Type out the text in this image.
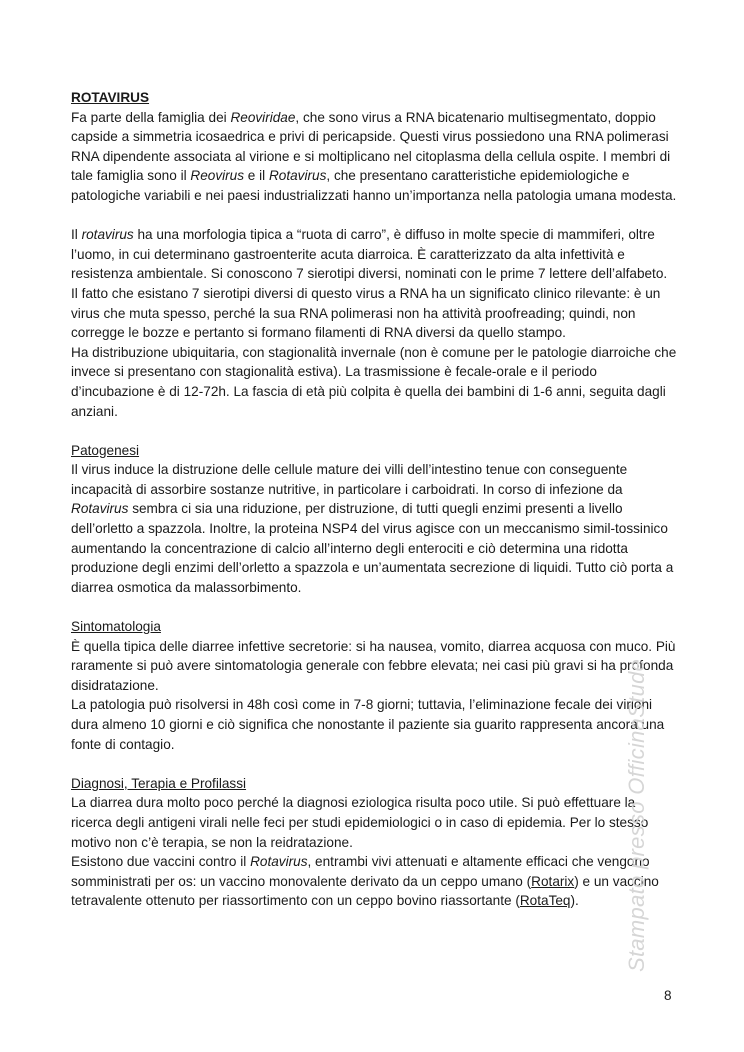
ROTAVIRUS

Fa parte della famiglia dei Reoviridae, che sono virus a RNA bicatenario multisegmentato, doppio capside a simmetria icosaedrica e privi di pericapside. Questi virus possiedono una RNA polimerasi RNA dipendente associata al virione e si moltiplicano nel citoplasma della cellula ospite. I membri di tale famiglia sono il Reovirus e il Rotavirus, che presentano caratteristiche epidemiologiche e patologiche variabili e nei paesi industrializzati hanno un’importanza nella patologia umana modesta.

Il rotavirus ha una morfologia tipica a “ruota di carro”, è diffuso in molte specie di mammiferi, oltre l’uomo, in cui determinano gastroenterite acuta diarroica. È caratterizzato da alta infettività e resistenza ambientale. Si conoscono 7 sierotipi diversi, nominati con le prime 7 lettere dell’alfabeto. Il fatto che esistano 7 sierotipi diversi di questo virus a RNA ha un significato clinico rilevante: è un virus che muta spesso, perché la sua RNA polimerasi non ha attività proofreading; quindi, non corregge le bozze e pertanto si formano filamenti di RNA diversi da quello stampo.

Ha distribuzione ubiquitaria, con stagionalità invernale (non è comune per le patologie diarroiche che invece si presentano con stagionalità estiva). La trasmissione è fecale-orale e il periodo d’incubazione è di 12-72h. La fascia di età più colpita è quella dei bambini di 1-6 anni, seguita dagli anziani.

Patogenesi

Il virus induce la distruzione delle cellule mature dei villi dell’intestino tenue con conseguente incapacità di assorbire sostanze nutritive, in particolare i carboidrati. In corso di infezione da Rotavirus sembra ci sia una riduzione, per distruzione, di tutti quegli enzimi presenti a livello dell’orletto a spazzola. Inoltre, la proteina NSP4 del virus agisce con un meccanismo simil-tossinico aumentando la concentrazione di calcio all’interno degli enterociti e ciò determina una ridotta produzione degli enzimi dell’orletto a spazzola e un’aumentata secrezione di liquidi. Tutto ciò porta a diarrea osmotica da malassorbimento.

Sintomatologia

È quella tipica delle diarree infettive secretorie: si ha nausea, vomito, diarrea acquosa con muco. Più raramente si può avere sintomatologia generale con febbre elevata; nei casi più gravi si ha profonda disidratazione.

La patologia può risolversi in 48h così come in 7-8 giorni; tuttavia, l’eliminazione fecale dei virioni dura almeno 10 giorni e ciò significa che nonostante il paziente sia guarito rappresenta ancora una fonte di contagio.

Diagnosi, Terapia e Profilassi

La diarrea dura molto poco perché la diagnosi eziologica risulta poco utile. Si può effettuare la ricerca degli antigeni virali nelle feci per studi epidemiologici o in caso di epidemia. Per lo stesso motivo non c’è terapia, se non la reidratazione.

Esistono due vaccini contro il Rotavirus, entrambi vivi attenuati e altamente efficaci che vengono somministrati per os: un vaccino monovalente derivato da un ceppo umano (Rotarix) e un vaccino tetravalente ottenuto per riassortimento con un ceppo bovino riassortante (RotaTeq).	Stampato presso OfficinaStude
8
